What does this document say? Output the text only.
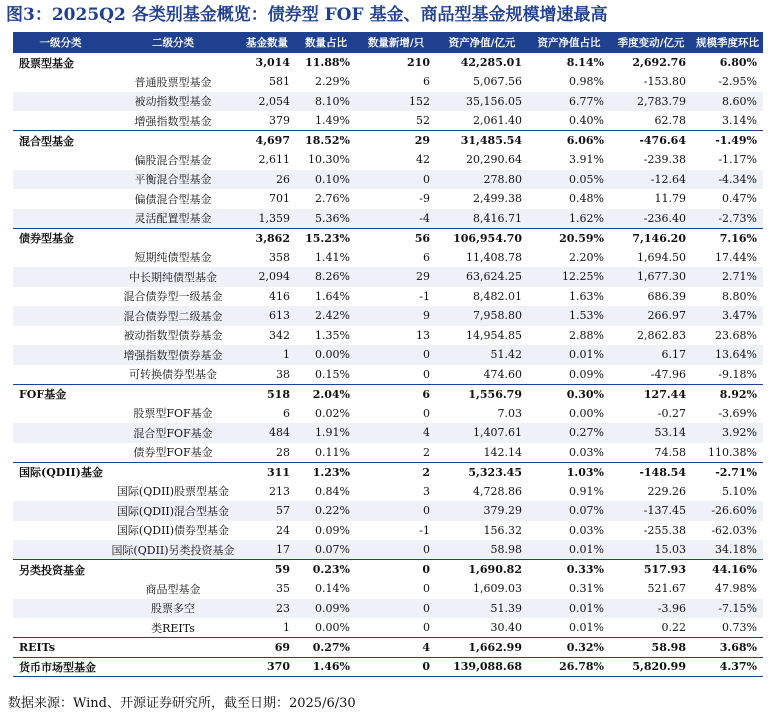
图3：2025Q2 各类别基金概览：债券型 FOF 基金、商品型基金规模增速最高
一级分类	二级分类	基金数量	数量占比	数量新增/只	资产净值/亿元	资产净值占比	季度变动/亿元	规模季度环比
股票型基金		3,014	11.88%	210	42,285.01	8.14%	2,692.76	6.80%
	普通股票型基金	581	2.29%	6	5,067.56	0.98%	-153.80	-2.95%
	被动指数型基金	2,054	8.10%	152	35,156.05	6.77%	2,783.79	8.60%
	增强指数型基金	379	1.49%	52	2,061.40	0.40%	62.78	3.14%
混合型基金		4,697	18.52%	29	31,485.54	6.06%	-476.64	-1.49%
	偏股混合型基金	2,611	10.30%	42	20,290.64	3.91%	-239.38	-1.17%
	平衡混合型基金	26	0.10%	0	278.80	0.05%	-12.64	-4.34%
	偏债混合型基金	701	2.76%	-9	2,499.38	0.48%	11.79	0.47%
	灵活配置型基金	1,359	5.36%	-4	8,416.71	1.62%	-236.40	-2.73%
债券型基金		3,862	15.23%	56	106,954.70	20.59%	7,146.20	7.16%
	短期纯债型基金	358	1.41%	6	11,408.78	2.20%	1,694.50	17.44%
	中长期纯债型基金	2,094	8.26%	29	63,624.25	12.25%	1,677.30	2.71%
	混合债券型一级基金	416	1.64%	-1	8,482.01	1.63%	686.39	8.80%
	混合债券型二级基金	613	2.42%	9	7,958.80	1.53%	266.97	3.47%
	被动指数型债券基金	342	1.35%	13	14,954.85	2.88%	2,862.83	23.68%
	增强指数型债券基金	1	0.00%	0	51.42	0.01%	6.17	13.64%
	可转换债券型基金	38	0.15%	0	474.60	0.09%	-47.96	-9.18%
FOF基金		518	2.04%	6	1,556.79	0.30%	127.44	8.92%
	股票型FOF基金	6	0.02%	0	7.03	0.00%	-0.27	-3.69%
	混合型FOF基金	484	1.91%	4	1,407.61	0.27%	53.14	3.92%
	债券型FOF基金	28	0.11%	2	142.14	0.03%	74.58	110.38%
国际(QDII)基金		311	1.23%	2	5,323.45	1.03%	-148.54	-2.71%
	国际(QDII)股票型基金	213	0.84%	3	4,728.86	0.91%	229.26	5.10%
	国际(QDII)混合型基金	57	0.22%	0	379.29	0.07%	-137.45	-26.60%
	国际(QDII)债券型基金	24	0.09%	-1	156.32	0.03%	-255.38	-62.03%
	国际(QDII)另类投资基金	17	0.07%	0	58.98	0.01%	15.03	34.18%
另类投资基金		59	0.23%	0	1,690.82	0.33%	517.93	44.16%
	商品型基金	35	0.14%	0	1,609.03	0.31%	521.67	47.98%
	股票多空	23	0.09%	0	51.39	0.01%	-3.96	-7.15%
	类REITs	1	0.00%	0	30.40	0.01%	0.22	0.73%
REITs		69	0.27%	4	1,662.99	0.32%	58.98	3.68%
货币市场型基金		370	1.46%	0	139,088.68	26.78%	5,820.99	4.37%
数据来源：Wind、开源证券研究所，截至日期：2025/6/30
